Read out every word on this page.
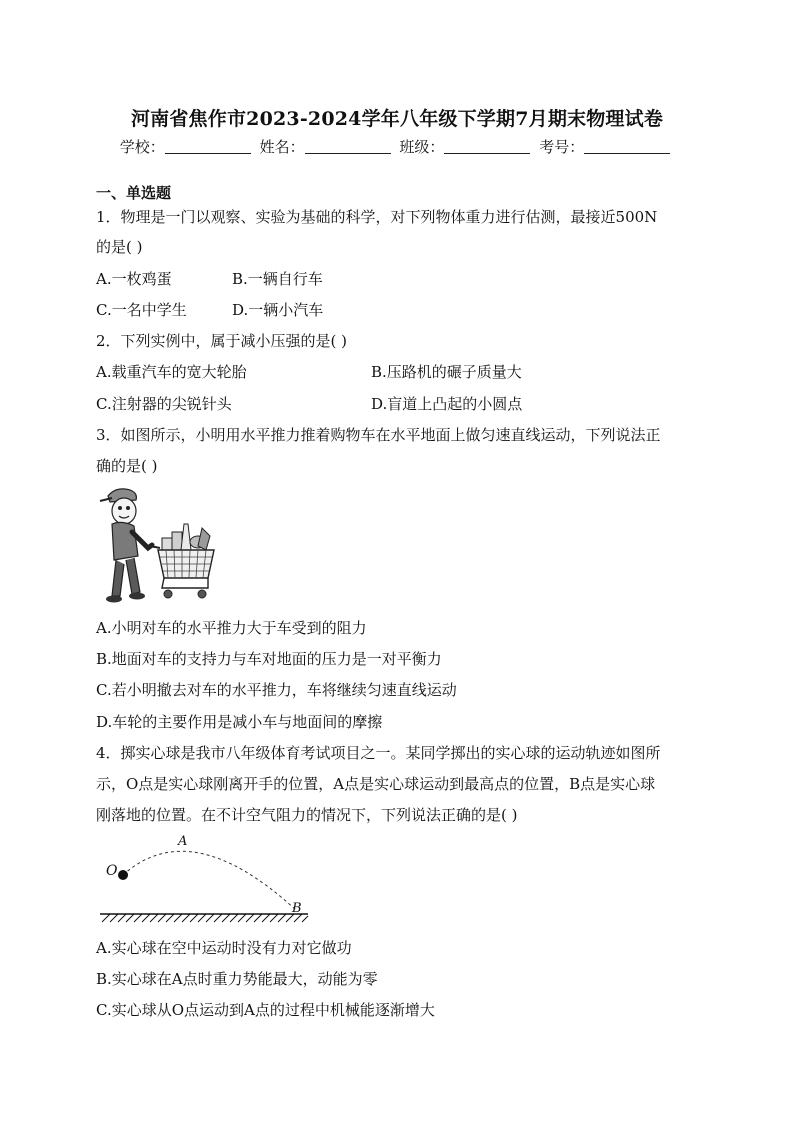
河南省焦作市2023-2024学年八年级下学期7月期末物理试卷
学校：	姓名：	班级：	考号：
一、单选题
1．物理是一门以观察、实验为基础的科学，对下列物体重力进行估测，最接近500N
的是( )
A.一枚鸡蛋	B.一辆自行车
C.一名中学生	D.一辆小汽车
2．下列实例中，属于减小压强的是( )
A.载重汽车的宽大轮胎	B.压路机的碾子质量大
C.注射器的尖锐针头	D.盲道上凸起的小圆点
3．如图所示，小明用水平推力推着购物车在水平地面上做匀速直线运动，下列说法正
确的是( )
A.小明对车的水平推力大于车受到的阻力
B.地面对车的支持力与车对地面的压力是一对平衡力
C.若小明撤去对车的水平推力，车将继续匀速直线运动
D.车轮的主要作用是减小车与地面间的摩擦
4．掷实心球是我市八年级体育考试项目之一。某同学掷出的实心球的运动轨迹如图所
示，O点是实心球刚离开手的位置，A点是实心球运动到最高点的位置，B点是实心球
刚落地的位置。在不计空气阻力的情况下，下列说法正确的是( )
O
A
B
A.实心球在空中运动时没有力对它做功
B.实心球在A点时重力势能最大，动能为零
C.实心球从O点运动到A点的过程中机械能逐渐增大
